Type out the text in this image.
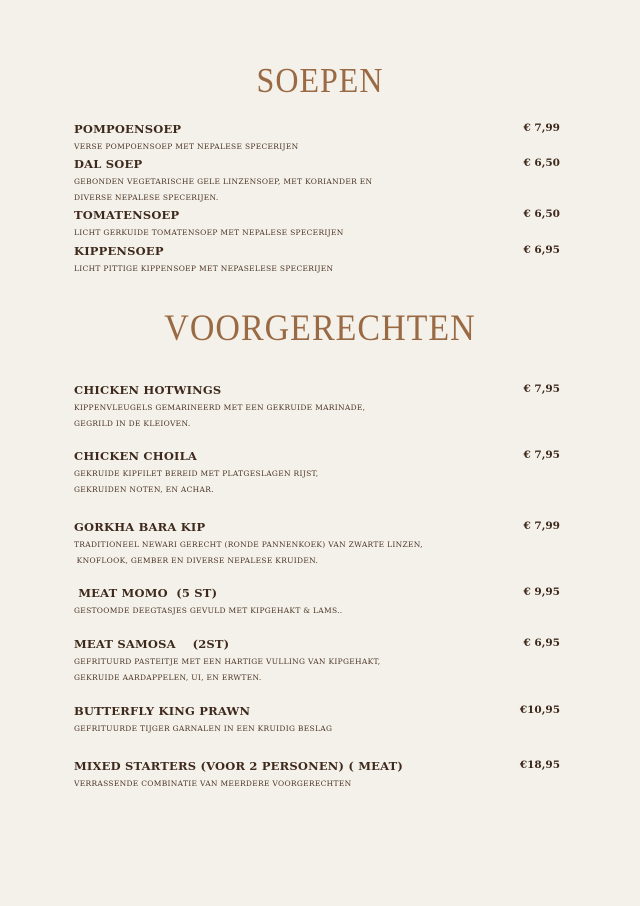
SOEPEN
VOORGERECHTEN
POMPOENSOEP	€ 7,99
VERSE POMPOENSOEP MET NEPALESE SPECERIJEN
DAL SOEP	€ 6,50
GEBONDEN VEGETARISCHE GELE LINZENSOEP, MET KORIANDER EN
DIVERSE NEPALESE SPECERIJEN.
TOMATENSOEP	€ 6,50
LICHT GERKUIDE TOMATENSOEP MET NEPALESE SPECERIJEN
KIPPENSOEP	€ 6,95
LICHT PITTIGE KIPPENSOEP MET NEPASELESE SPECERIJEN
CHICKEN HOTWINGS	€ 7,95
KIPPENVLEUGELS GEMARINEERD MET EEN GEKRUIDE MARINADE,
GEGRILD IN DE KLEIOVEN.
CHICKEN CHOILA	€ 7,95
GEKRUIDE KIPFILET BEREID MET PLATGESLAGEN RIJST,
GEKRUIDEN NOTEN, EN ACHAR.
GORKHA BARA KIP	€ 7,99
TRADITIONEEL NEWARI GERECHT (RONDE PANNENKOEK) VAN ZWARTE LINZEN,
KNOFLOOK, GEMBER EN DIVERSE NEPALESE KRUIDEN.
MEAT MOMO  (5 ST)	€ 9,95
GESTOOMDE DEEGTASJES GEVULD MET KIPGEHAKT & LAMS..
MEAT SAMOSA    (2ST)	€ 6,95
GEFRITUURD PASTEITJE MET EEN HARTIGE VULLING VAN KIPGEHAKT,
GEKRUIDE AARDAPPELEN, UI, EN ERWTEN.
BUTTERFLY KING PRAWN	€10,95
GEFRITUURDE TIJGER GARNALEN IN EEN KRUIDIG BESLAG
MIXED STARTERS (VOOR 2 PERSONEN) ( MEAT)	€18,95
VERRASSENDE COMBINATIE VAN MEERDERE VOORGERECHTEN
